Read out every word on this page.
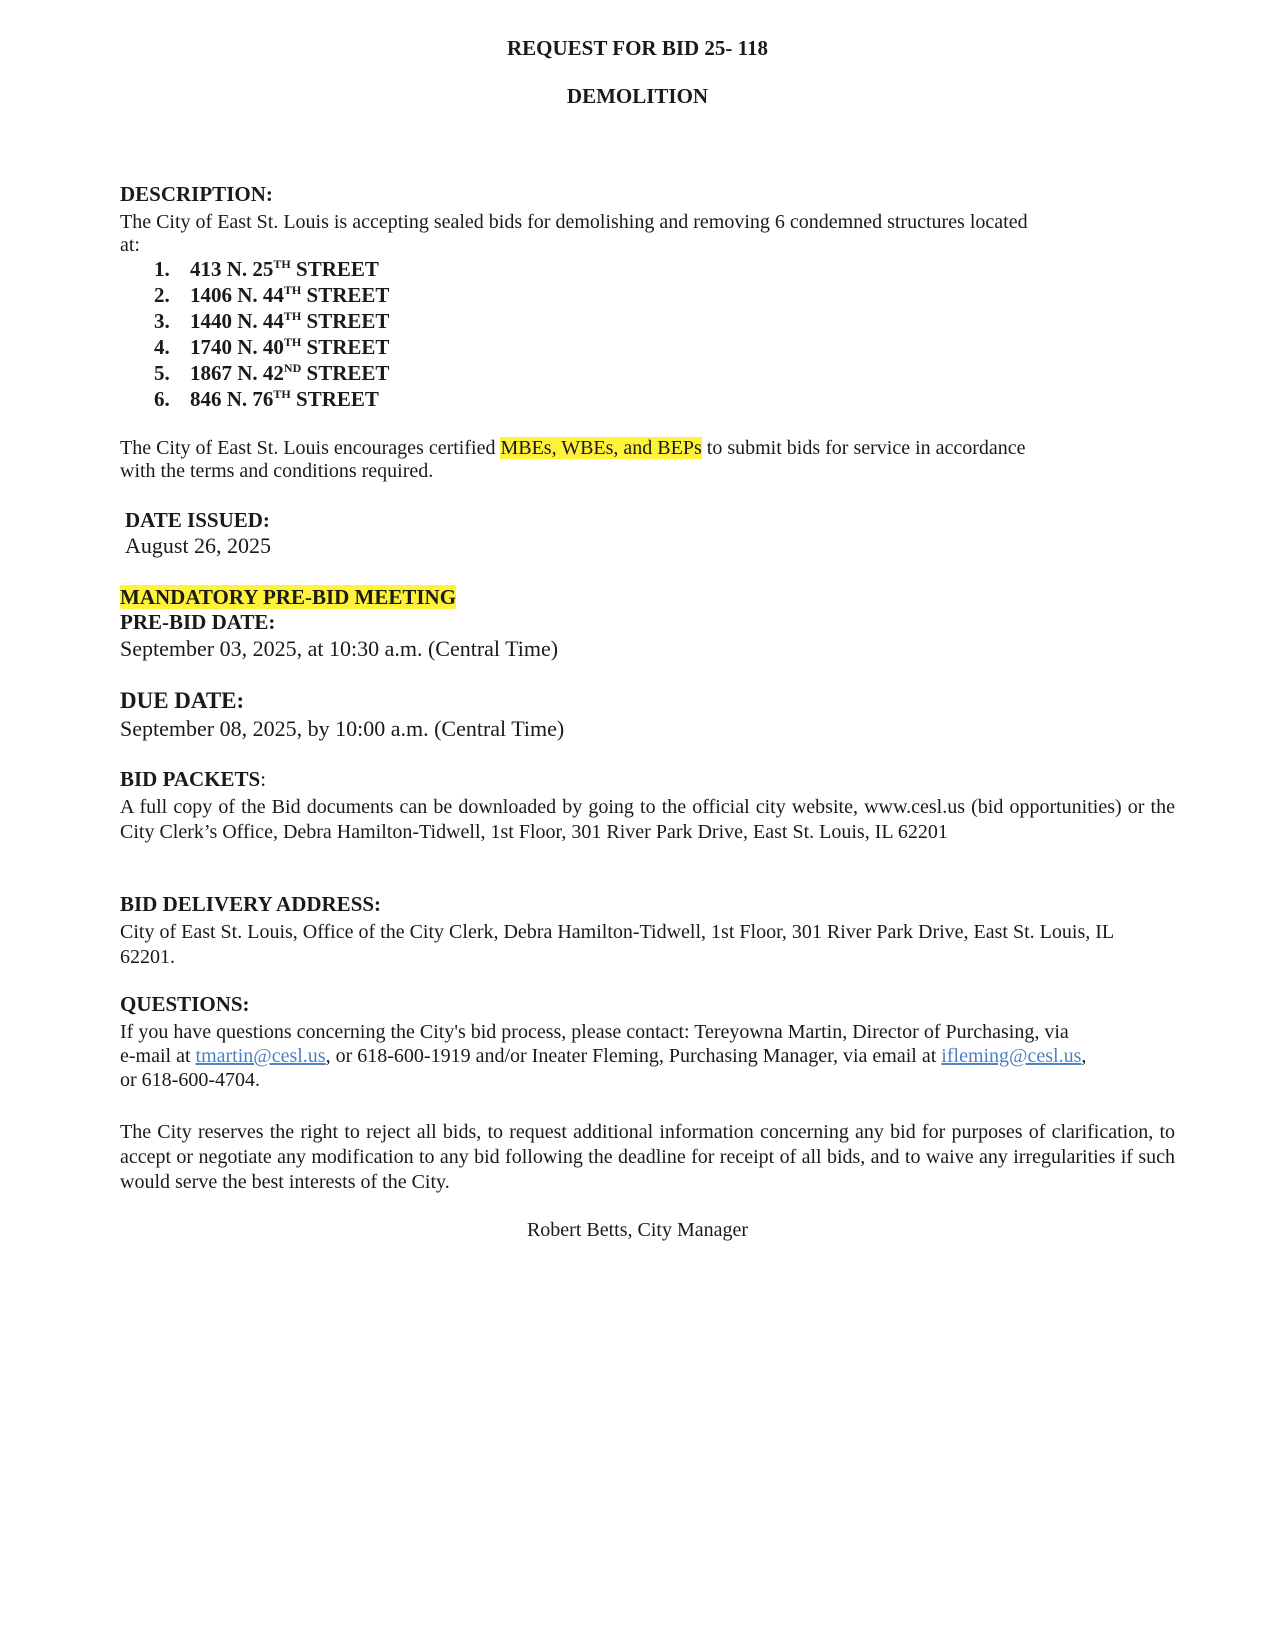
REQUEST FOR BID 25- 118
DEMOLITION
DESCRIPTION:
The City of East St. Louis is accepting sealed bids for demolishing and removing 6 condemned structures located
at:
1. 413 N. 25TH STREET
2. 1406 N. 44TH STREET
3. 1440 N. 44TH STREET
4. 1740 N. 40TH STREET
5. 1867 N. 42ND STREET
6. 846 N. 76TH STREET
The City of East St. Louis encourages certified MBEs, WBEs, and BEPs to submit bids for service in accordance
with the terms and conditions required.
DATE ISSUED:
August 26, 2025
MANDATORY PRE-BID MEETING
PRE-BID DATE:
September 03, 2025, at 10:30 a.m. (Central Time)
DUE DATE:
September 08, 2025, by 10:00 a.m. (Central Time)
BID PACKETS:
A full copy of the Bid documents can be downloaded by going to the official city website, www.cesl.us (bid opportunities) or the City Clerk’s Office, Debra Hamilton-Tidwell, 1st Floor, 301 River Park Drive, East St. Louis, IL 62201
BID DELIVERY ADDRESS:
City of East St. Louis, Office of the City Clerk, Debra Hamilton-Tidwell, 1st Floor, 301 River Park Drive, East St. Louis, IL 62201.
QUESTIONS:
If you have questions concerning the City's bid process, please contact: Tereyowna Martin, Director of Purchasing, via
e-mail at tmartin@cesl.us, or 618-600-1919 and/or Ineater Fleming, Purchasing Manager, via email at ifleming@cesl.us,
or 618-600-4704.
The City reserves the right to reject all bids, to request additional information concerning any bid for purposes of clarification, to accept or negotiate any modification to any bid following the deadline for receipt of all bids, and to waive any irregularities if such would serve the best interests of the City.
Robert Betts, City Manager
